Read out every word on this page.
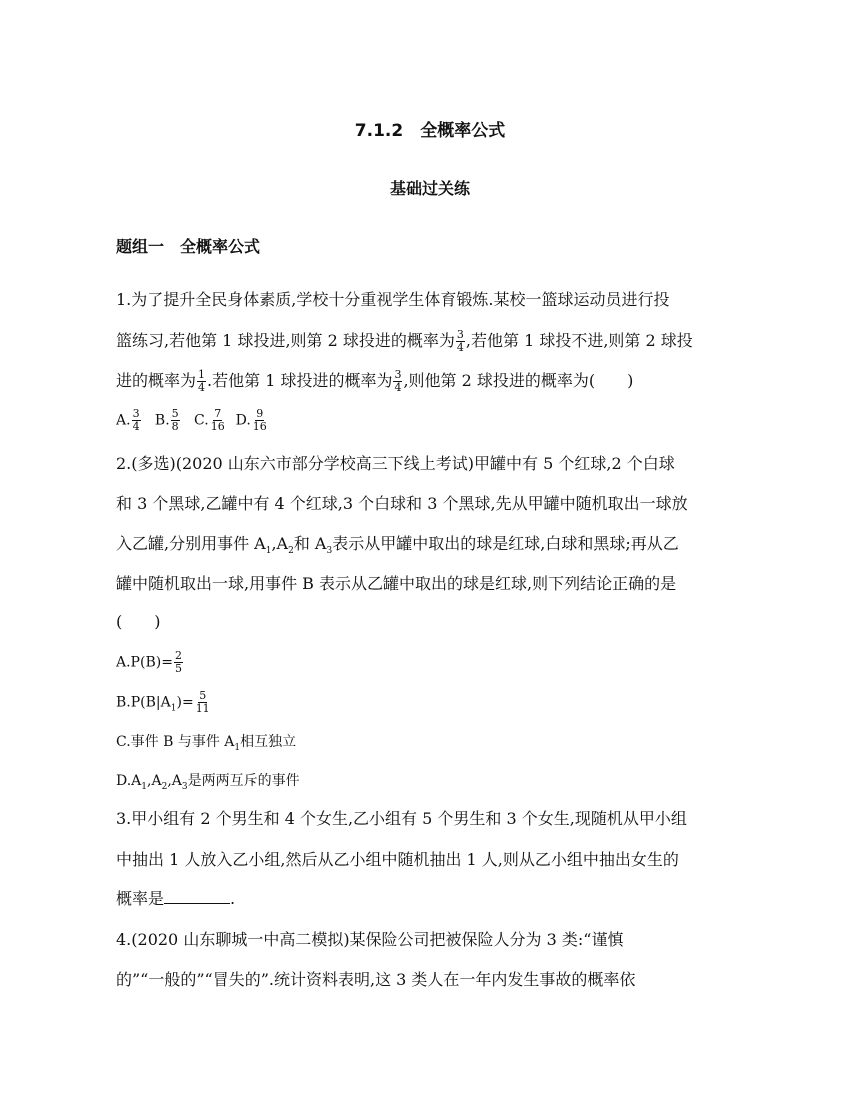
7.1.2　全概率公式
基础过关练
题组一　全概率公式
1.为了提升全民身体素质,学校十分重视学生体育锻炼.某校一篮球运动员进行投
篮练习,若他第 1 球投进,则第 2 球投进的概率为 $\frac{3}{4}$ ,若他第 1 球投不进,则第 2 球投
进的概率为 $\frac{1}{4}$ .若他第 1 球投进的概率为 $\frac{3}{4}$ ,则他第 2 球投进的概率为(　　)
A. $\frac{3}{4} B$. $\frac{5}{8} C$. $\frac{7}{16} D$. $\frac{9}{16}$
2.(多选)(2020 山东六市部分学校高三下线上考试)甲罐中有 5 个红球,2 个白球
和 3 个黑球,乙罐中有 4 个红球,3 个白球和 3 个黑球,先从甲罐中随机取出一球放
入乙罐,分别用事件 $A_1,A_2$和 $A_3$表示从甲罐中取出的球是红球,白球和黑球;再从乙
罐中随机取出一球,用事件 B 表示从乙罐中取出的球是红球,则下列结论正确的是
(　　)
$A.P(B)= \frac{2}{5}$
$B.P(B|A_1)= \frac{5}{11}$
C.事件 B 与事件 $A_1$相互独立
$D.A_1,A_2,A_3$是两两互斥的事件
3.甲小组有 2 个男生和 4 个女生,乙小组有 5 个男生和 3 个女生,现随机从甲小组
中抽出 1 人放入乙小组,然后从乙小组中随机抽出 1 人,则从乙小组中抽出女生的
概率是	.
4.(2020 山东聊城一中高二模拟)某保险公司把被保险人分为 3 类:“谨慎
的”“一般的”“冒失的”.统计资料表明,这 3 类人在一年内发生事故的概率依
